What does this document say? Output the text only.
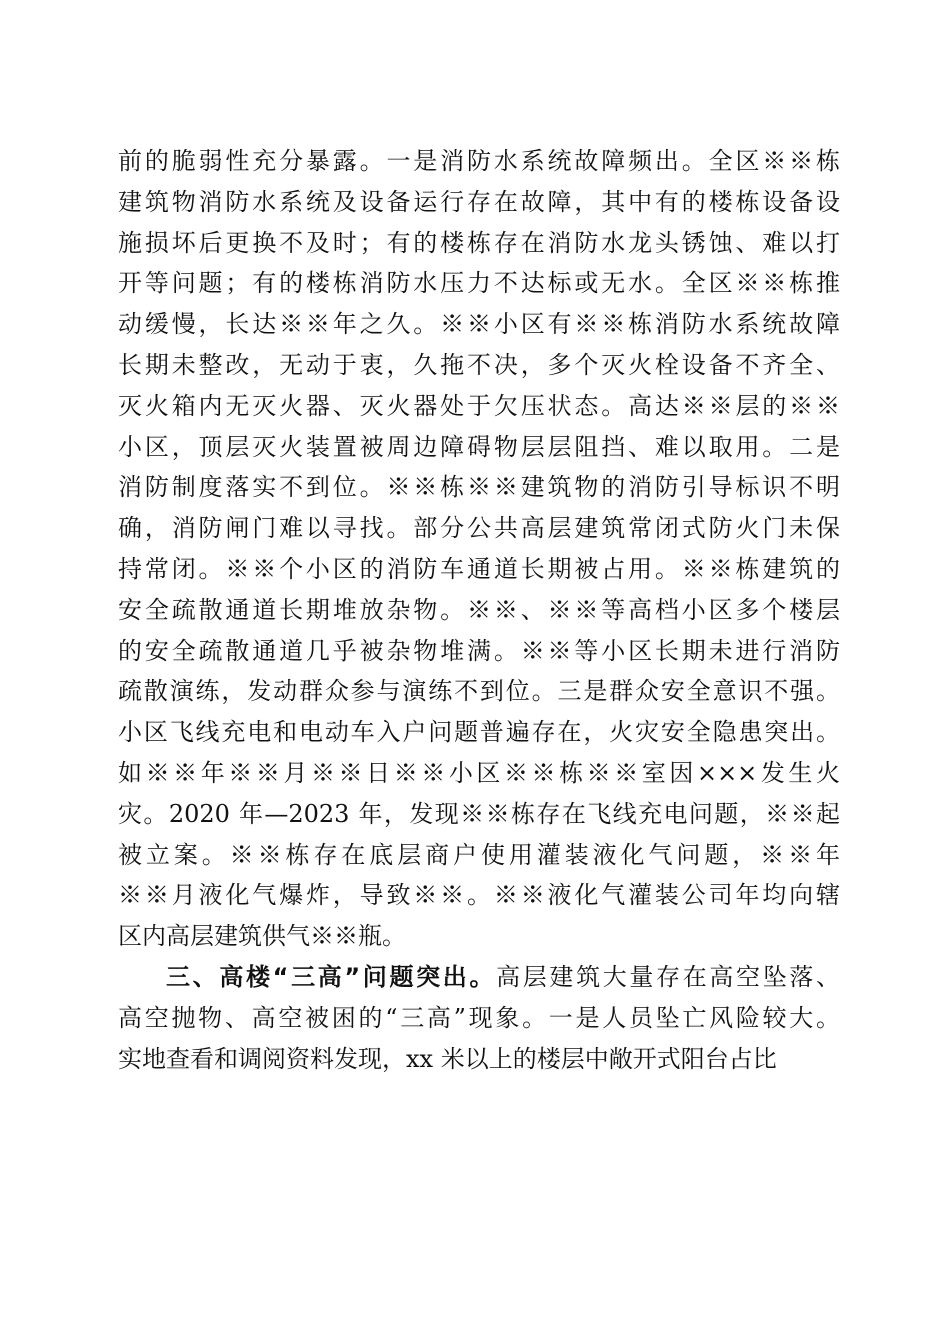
前的脆弱性充分暴露。一是消防水系统故障频出。全区※※栋
建筑物消防水系统及设备运行存在故障，其中有的楼栋设备设
施损坏后更换不及时；有的楼栋存在消防水龙头锈蚀、难以打
开等问题；有的楼栋消防水压力不达标或无水。全区※※栋推
动缓慢，长达※※年之久。※※小区有※※栋消防水系统故障
长期未整改，无动于衷，久拖不决，多个灭火栓设备不齐全、
灭火箱内无灭火器、灭火器处于欠压状态。高达※※层的※※
小区，顶层灭火装置被周边障碍物层层阻挡、难以取用。二是
消防制度落实不到位。※※栋※※建筑物的消防引导标识不明
确，消防闸门难以寻找。部分公共高层建筑常闭式防火门未保
持常闭。※※个小区的消防车通道长期被占用。※※栋建筑的
安全疏散通道长期堆放杂物。※※、※※等高档小区多个楼层
的安全疏散通道几乎被杂物堆满。※※等小区长期未进行消防
疏散演练，发动群众参与演练不到位。三是群众安全意识不强。
小区飞线充电和电动车入户问题普遍存在，火灾安全隐患突出。
如※※年※※月※※日※※小区※※栋※※室因×××发生火
灾。2020 年—2023 年，发现※※栋存在飞线充电问题，※※起
被立案。※※栋存在底层商户使用灌装液化气问题，※※年
※※月液化气爆炸，导致※※。※※液化气灌装公司年均向辖
区内高层建筑供气※※瓶。
三、高楼“三高”问题突出。高层建筑大量存在高空坠落、
高空抛物、高空被困的“三高”现象。一是人员坠亡风险较大。
实地查看和调阅资料发现，xx 米以上的楼层中敞开式阳台占比
